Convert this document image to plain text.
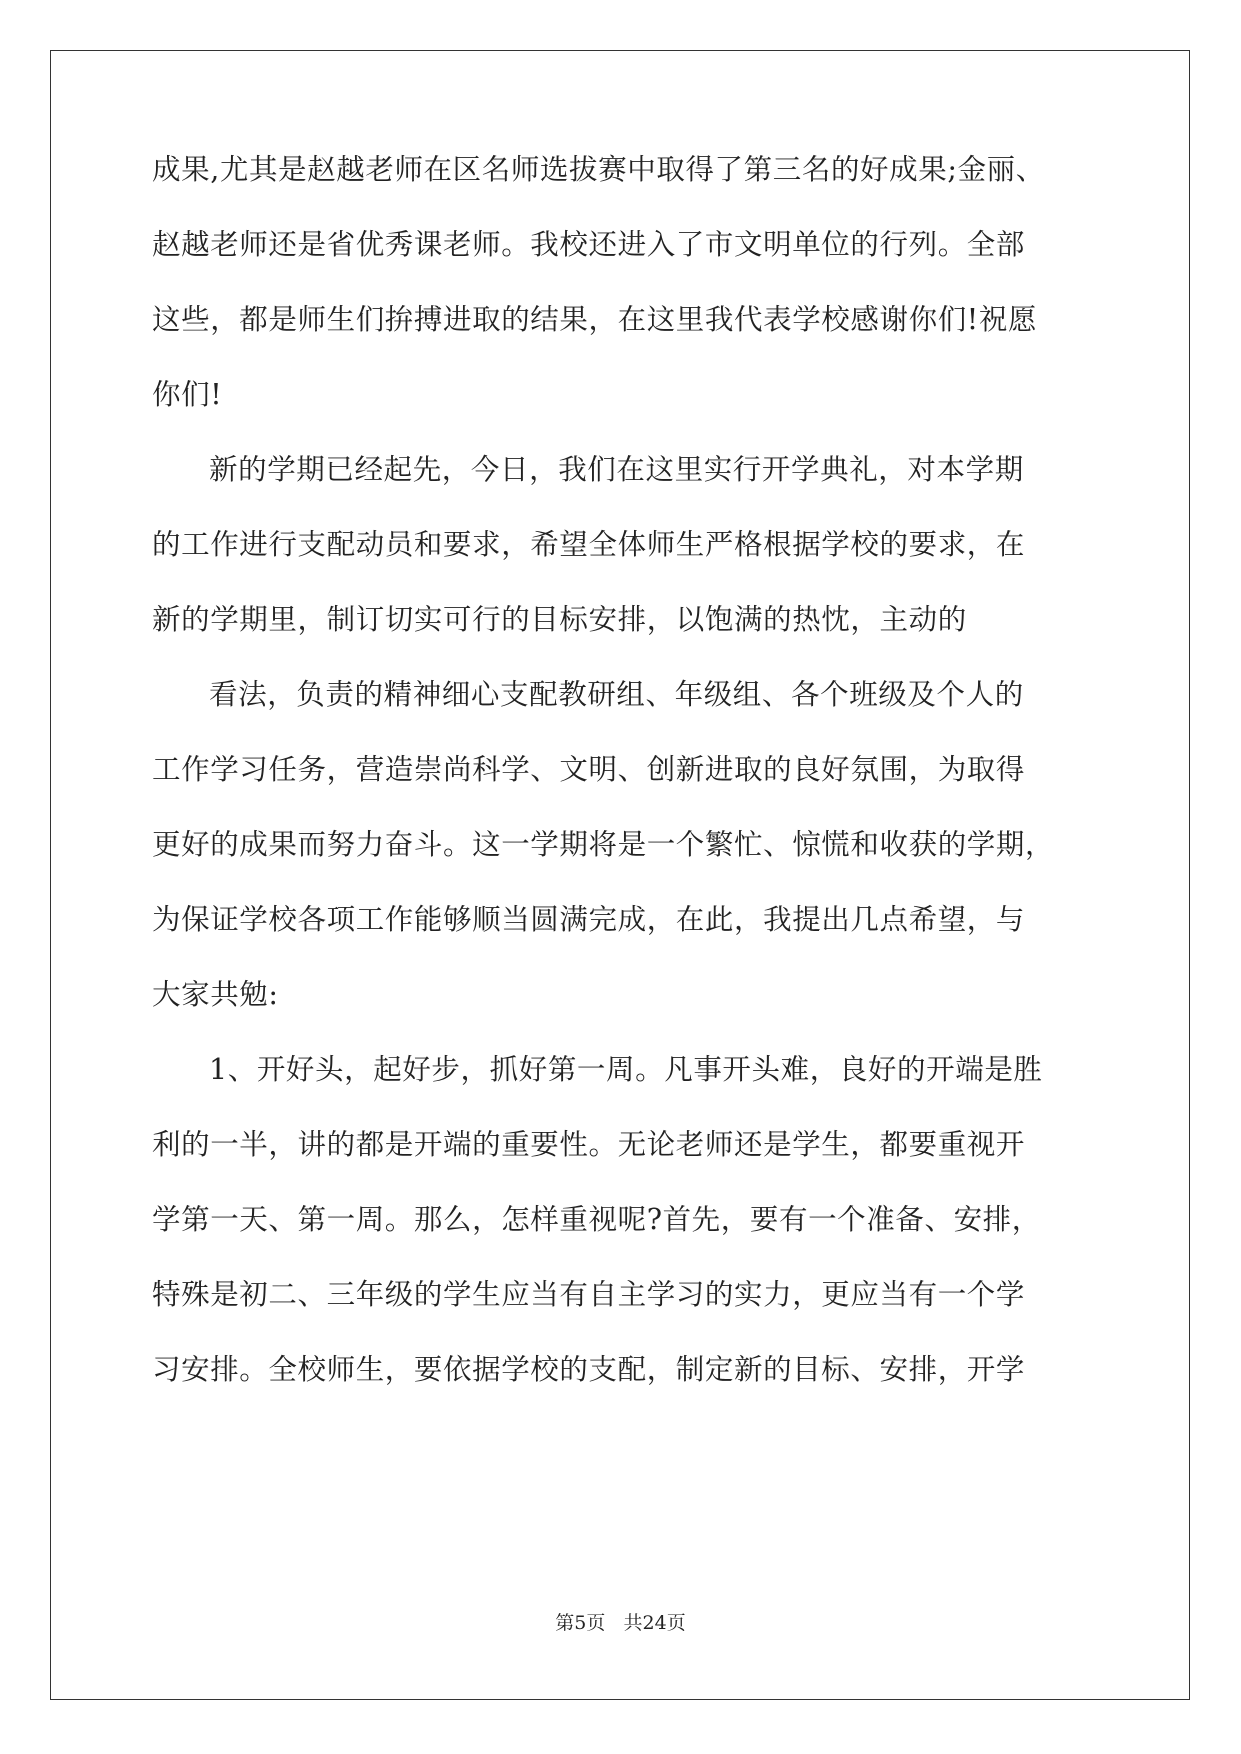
成果,尤其是赵越老师在区名师选拔赛中取得了第三名的好成果;金丽、
赵越老师还是省优秀课老师。我校还进入了市文明单位的行列。全部
这些，都是师生们拚搏进取的结果，在这里我代表学校感谢你们!祝愿
你们!
新的学期已经起先，今日，我们在这里实行开学典礼，对本学期
的工作进行支配动员和要求，希望全体师生严格根据学校的要求，在
新的学期里，制订切实可行的目标安排，以饱满的热忱，主动的
看法，负责的精神细心支配教研组、年级组、各个班级及个人的
工作学习任务，营造崇尚科学、文明、创新进取的良好氛围，为取得
更好的成果而努力奋斗。这一学期将是一个繁忙、惊慌和收获的学期，
为保证学校各项工作能够顺当圆满完成，在此，我提出几点希望，与
大家共勉:
1、开好头，起好步，抓好第一周。凡事开头难，良好的开端是胜
利的一半，讲的都是开端的重要性。无论老师还是学生，都要重视开
学第一天、第一周。那么，怎样重视呢?首先，要有一个准备、安排，
特殊是初二、三年级的学生应当有自主学习的实力，更应当有一个学
习安排。全校师生，要依据学校的支配，制定新的目标、安排，开学
第5页 共24页
